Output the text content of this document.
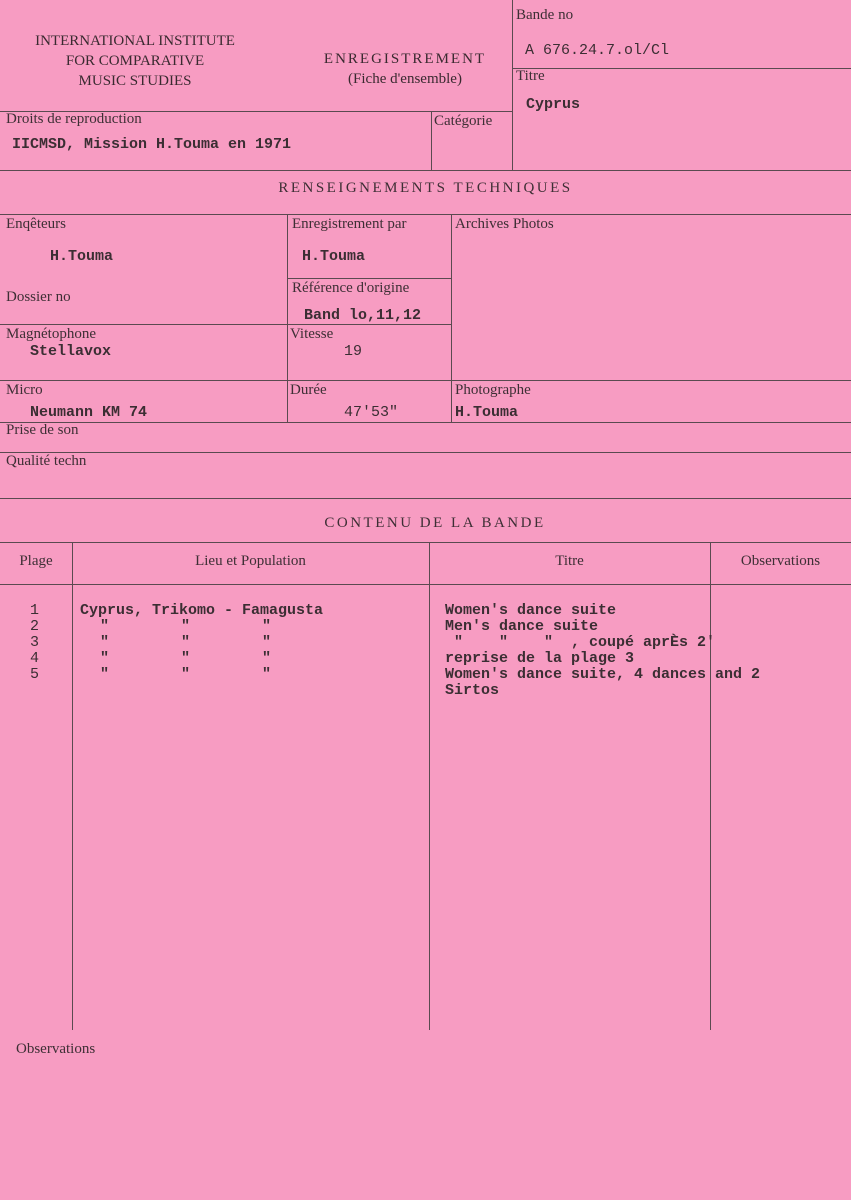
INTERNATIONAL INSTITUTE
FOR COMPARATIVE
MUSIC STUDIES
ENREGISTREMENT
(Fiche d'ensemble)
Bande no
A 676.24.7.ol/Cl
Titre
Cyprus
Droits de reproduction
IICMSD, Mission H.Touma en 1971
Catégorie
RENSEIGNEMENTS TECHNIQUES
Enqêteurs
H.Touma
Enregistrement par
H.Touma
Archives Photos
Dossier no
Référence d'origine
Band lo,11,12
Magnétophone
Stellavox
Vitesse
19
Micro
Neumann KM 74
Durée
47'53"
Photographe
H.Touma
Prise de son
Qualité techn
CONTENU DE LA BANDE
Plage	Lieu et Population	Titre	Observations
1	Cyprus, Trikomo - Famagusta	Women's dance suite
2	"        "        "	Men's dance suite
3	"        "        "	"    "    "  , coupé aprÈs 2'
4	"        "        "	reprise de la plage 3
5	"        "        "	Women's dance suite, 4 dances and 2
Sirtos
Observations
